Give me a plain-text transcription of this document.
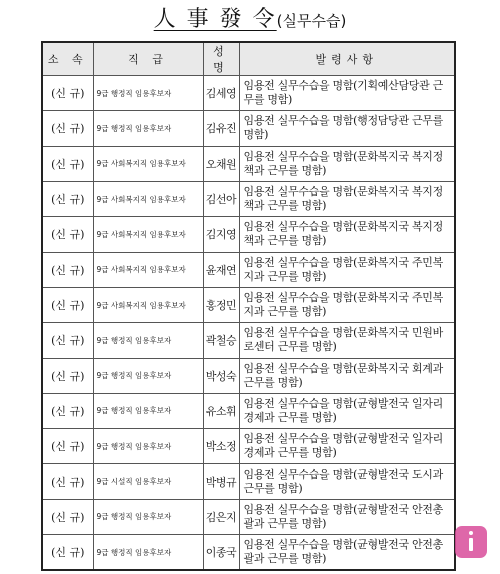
人 事 發 令(실무수습)
소 속	직 급	성 명	발령사항
(신 규)	9급 행정직 임용후보자	김세영	임용전 실무수습을 명함(기획예산담당관 근무를 명함)
(신 규)	9급 행정직 임용후보자	김유진	임용전 실무수습을 명함(행정담당관 근무를 명함)
(신 규)	9급 사회복지직 임용후보자	오채원	임용전 실무수습을 명함(문화복지국 복지정책과 근무를 명함)
(신 규)	9급 사회복지직 임용후보자	김선아	임용전 실무수습을 명함(문화복지국 복지정책과 근무를 명함)
(신 규)	9급 사회복지직 임용후보자	김지영	임용전 실무수습을 명함(문화복지국 복지정책과 근무를 명함)
(신 규)	9급 사회복지직 임용후보자	윤재연	임용전 실무수습을 명함(문화복지국 주민복지과 근무를 명함)
(신 규)	9급 사회복지직 임용후보자	홍정민	임용전 실무수습을 명함(문화복지국 주민복지과 근무를 명함)
(신 규)	9급 행정직 임용후보자	곽철승	임용전 실무수습을 명함(문화복지국 민원바로센터 근무를 명함)
(신 규)	9급 행정직 임용후보자	박성숙	임용전 실무수습을 명함(문화복지국 회계과 근무를 명함)
(신 규)	9급 행정직 임용후보자	유소휘	임용전 실무수습을 명함(균형발전국 일자리경제과 근무를 명함)
(신 규)	9급 행정직 임용후보자	박소정	임용전 실무수습을 명함(균형발전국 일자리경제과 근무를 명함)
(신 규)	9급 시설직 임용후보자	박병규	임용전 실무수습을 명함(균형발전국 도시과 근무를 명함)
(신 규)	9급 행정직 임용후보자	김은지	임용전 실무수습을 명함(균형발전국 안전총괄과 근무를 명함)
(신 규)	9급 행정직 임용후보자	이종국	임용전 실무수습을 명함(균형발전국 안전총괄과 근무를 명함)
